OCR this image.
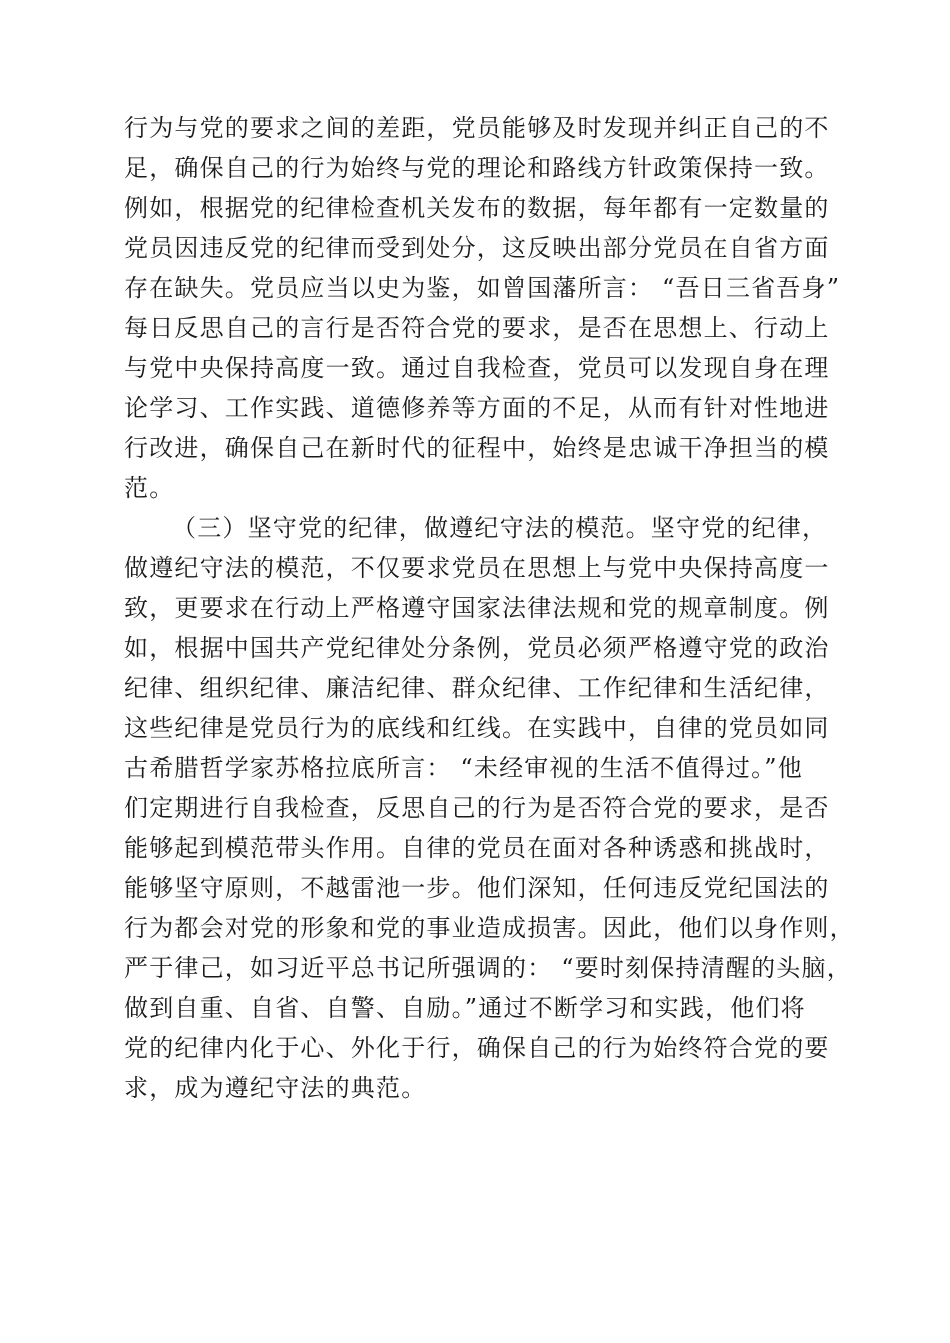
行为与党的要求之间的差距，党员能够及时发现并纠正自己的不
足，确保自己的行为始终与党的理论和路线方针政策保持一致。
例如，根据党的纪律检查机关发布的数据，每年都有一定数量的
党员因违反党的纪律而受到处分，这反映出部分党员在自省方面
存在缺失。党员应当以史为鉴，如曾国藩所言： “吾日三省吾身”
每日反思自己的言行是否符合党的要求，是否在思想上、行动上
与党中央保持高度一致。通过自我检查，党员可以发现自身在理
论学习、工作实践、道德修养等方面的不足，从而有针对性地进
行改进，确保自己在新时代的征程中，始终是忠诚干净担当的模
范。
（三）坚守党的纪律，做遵纪守法的模范。坚守党的纪律，
做遵纪守法的模范，不仅要求党员在思想上与党中央保持高度一
致，更要求在行动上严格遵守国家法律法规和党的规章制度。例
如，根据中国共产党纪律处分条例，党员必须严格遵守党的政治
纪律、组织纪律、廉洁纪律、群众纪律、工作纪律和生活纪律，
这些纪律是党员行为的底线和红线。在实践中，自律的党员如同
古希腊哲学家苏格拉底所言： “未经审视的生活不值得过。”他
们定期进行自我检查，反思自己的行为是否符合党的要求，是否
能够起到模范带头作用。自律的党员在面对各种诱惑和挑战时，
能够坚守原则，不越雷池一步。他们深知，任何违反党纪国法的
行为都会对党的形象和党的事业造成损害。因此，他们以身作则，
严于律己，如习近平总书记所强调的： “要时刻保持清醒的头脑，
做到自重、自省、自警、自励。”通过不断学习和实践，他们将
党的纪律内化于心、外化于行，确保自己的行为始终符合党的要
求，成为遵纪守法的典范。
